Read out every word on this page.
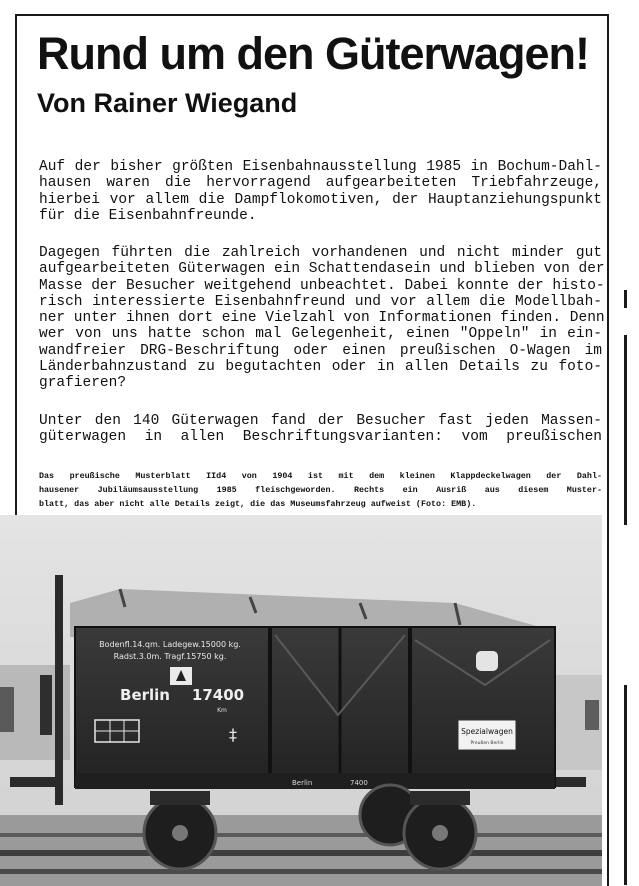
Rund um den Güterwagen!
Von Rainer Wiegand

Auf der bisher größten Eisenbahnausstellung 1985 in Bochum-Dahl-
hausen waren die hervorragend aufgearbeiteten Triebfahrzeuge,
hierbei vor allem die Dampflokomotiven, der Hauptanziehungspunkt
für die Eisenbahnfreunde.

Dagegen führten die zahlreich vorhandenen und nicht minder gut
aufgearbeiteten Güterwagen ein Schattendasein und blieben von der
Masse der Besucher weitgehend unbeachtet. Dabei konnte der histo-
risch interessierte Eisenbahnfreund und vor allem die Modellbah-
ner unter ihnen dort eine Vielzahl von Informationen finden. Denn
wer von uns hatte schon mal Gelegenheit, einen "Oppeln" in ein-
wandfreier DRG-Beschriftung oder einen preußischen O-Wagen im
Länderbahnzustand zu begutachten oder in allen Details zu foto-
grafieren?

Unter den 140 Güterwagen fand der Besucher fast jeden Massen-
güterwagen in allen Beschriftungsvarianten: vom preußischen

Das preußische Musterblatt IId4 von 1904 ist mit dem kleinen Klappdeckelwagen der Dahl-
hausener Jubiläumsausstellung 1985 fleischgeworden. Rechts ein Ausriß aus diesem Muster-
blatt, das aber nicht alle Details zeigt, die das Museumsfahrzeug aufweist (Foto: EMB).

Bodenfl.14.qm. Ladegew.15000 kg.
Radst.3.0m. Tragf.15750 kg.
Berlin 17400
Km
‡	Spezialwagen
Preußen Berlin
Berlin	7400
